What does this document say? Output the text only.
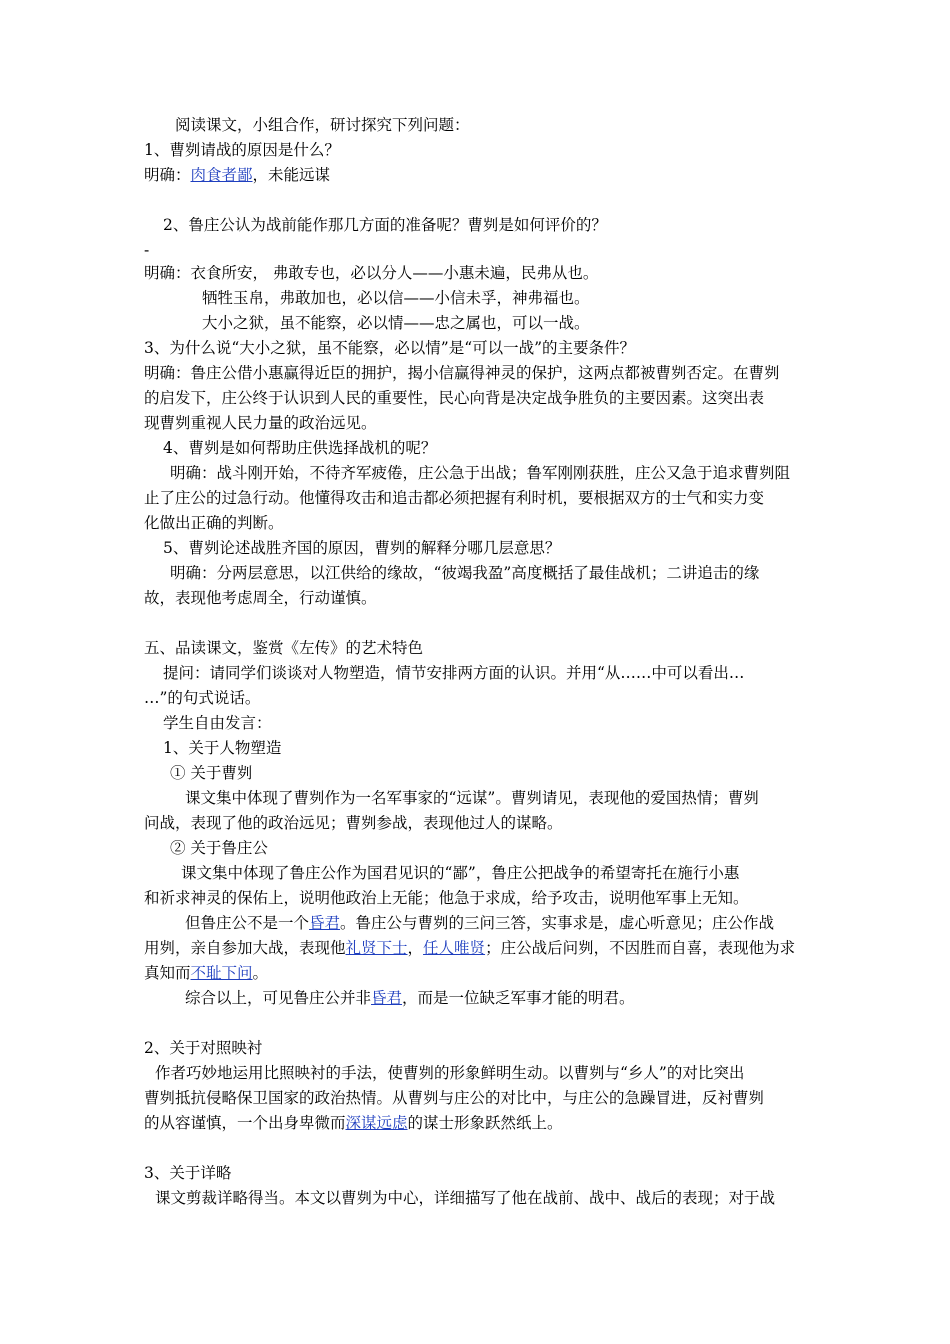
阅读课文，小组合作，研讨探究下列问题：
1、曹刿请战的原因是什么？
明确：肉食者鄙，未能远谋
2、鲁庄公认为战前能作那几方面的准备呢？曹刿是如何评价的？
-
明确：衣食所安， 弗敢专也，必以分人——小惠未遍，民弗从也。
牺牲玉帛，弗敢加也，必以信——小信未孚，神弗福也。
大小之狱，虽不能察，必以情——忠之属也，可以一战。
3、为什么说“大小之狱，虽不能察，必以情”是“可以一战”的主要条件？
明确：鲁庄公借小惠赢得近臣的拥护，揭小信赢得神灵的保护，这两点都被曹刿否定。在曹刿
的启发下，庄公终于认识到人民的重要性，民心向背是决定战争胜负的主要因素。这突出表
现曹刿重视人民力量的政治远见。
4、曹刿是如何帮助庄供选择战机的呢？
明确：战斗刚开始，不待齐军疲倦，庄公急于出战；鲁军刚刚获胜，庄公又急于追求曹刿阻
止了庄公的过急行动。他懂得攻击和追击都必须把握有利时机，要根据双方的士气和实力变
化做出正确的判断。
5、曹刿论述战胜齐国的原因，曹刿的解释分哪几层意思？
明确：分两层意思，以江供给的缘故，“彼竭我盈”高度概括了最佳战机；二讲追击的缘
故，表现他考虑周全，行动谨慎。
五、品读课文，鉴赏《左传》的艺术特色
提问：请同学们谈谈对人物塑造，情节安排两方面的认识。并用“从……中可以看出…
…”的句式说话。
学生自由发言：
1、关于人物塑造
① 关于曹刿
课文集中体现了曹刿作为一名军事家的“远谋”。曹刿请见，表现他的爱国热情；曹刿
问战，表现了他的政治远见；曹刿参战，表现他过人的谋略。
② 关于鲁庄公
课文集中体现了鲁庄公作为国君见识的“鄙”，鲁庄公把战争的希望寄托在施行小惠
和祈求神灵的保佑上，说明他政治上无能；他急于求成，给予攻击，说明他军事上无知。
但鲁庄公不是一个昏君。鲁庄公与曹刿的三问三答，实事求是，虚心听意见；庄公作战
用刿，亲自参加大战，表现他礼贤下士，任人唯贤；庄公战后问刿，不因胜而自喜，表现他为求
真知而不耻下问。
综合以上，可见鲁庄公并非昏君，而是一位缺乏军事才能的明君。
2、关于对照映衬
作者巧妙地运用比照映衬的手法，使曹刿的形象鲜明生动。以曹刿与“乡人”的对比突出
曹刿抵抗侵略保卫国家的政治热情。从曹刿与庄公的对比中，与庄公的急躁冒进，反衬曹刿
的从容谨慎，一个出身卑微而深谋远虑的谋士形象跃然纸上。
3、关于详略
课文剪裁详略得当。本文以曹刿为中心，详细描写了他在战前、战中、战后的表现；对于战
